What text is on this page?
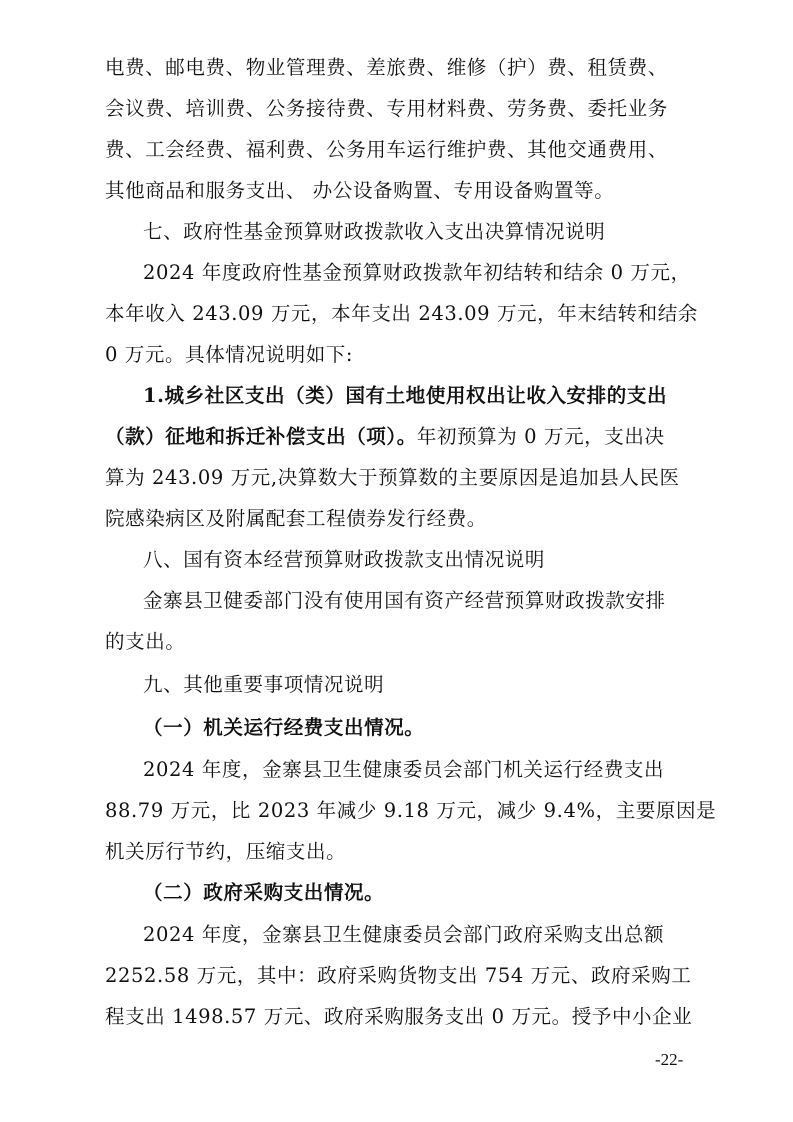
电费、邮电费、物业管理费、差旅费、维修（护）费、租赁费、
会议费、培训费、公务接待费、专用材料费、劳务费、委托业务
费、工会经费、福利费、公务用车运行维护费、其他交通费用、
其他商品和服务支出、 办公设备购置、专用设备购置等。
七、政府性基金预算财政拨款收入支出决算情况说明
2024 年度政府性基金预算财政拨款年初结转和结余 0 万元，
本年收入 243.09 万元，本年支出 243.09 万元，年末结转和结余
0 万元。具体情况说明如下:
1.城乡社区支出（类）国有土地使用权出让收入安排的支出
（款）征地和拆迁补偿支出（项）。年初预算为 0 万元，支出决
算为 243.09 万元,决算数大于预算数的主要原因是追加县人民医
院感染病区及附属配套工程债券发行经费。
八、国有资本经营预算财政拨款支出情况说明
金寨县卫健委部门没有使用国有资产经营预算财政拨款安排
的支出。
九、其他重要事项情况说明
（一）机关运行经费支出情况。
2024 年度，金寨县卫生健康委员会部门机关运行经费支出
88.79 万元，比 2023 年减少 9.18 万元，减少 9.4%，主要原因是
机关厉行节约，压缩支出。
（二）政府采购支出情况。
2024 年度，金寨县卫生健康委员会部门政府采购支出总额
2252.58 万元，其中：政府采购货物支出 754 万元、政府采购工
程支出 1498.57 万元、政府采购服务支出 0 万元。授予中小企业
-22-
